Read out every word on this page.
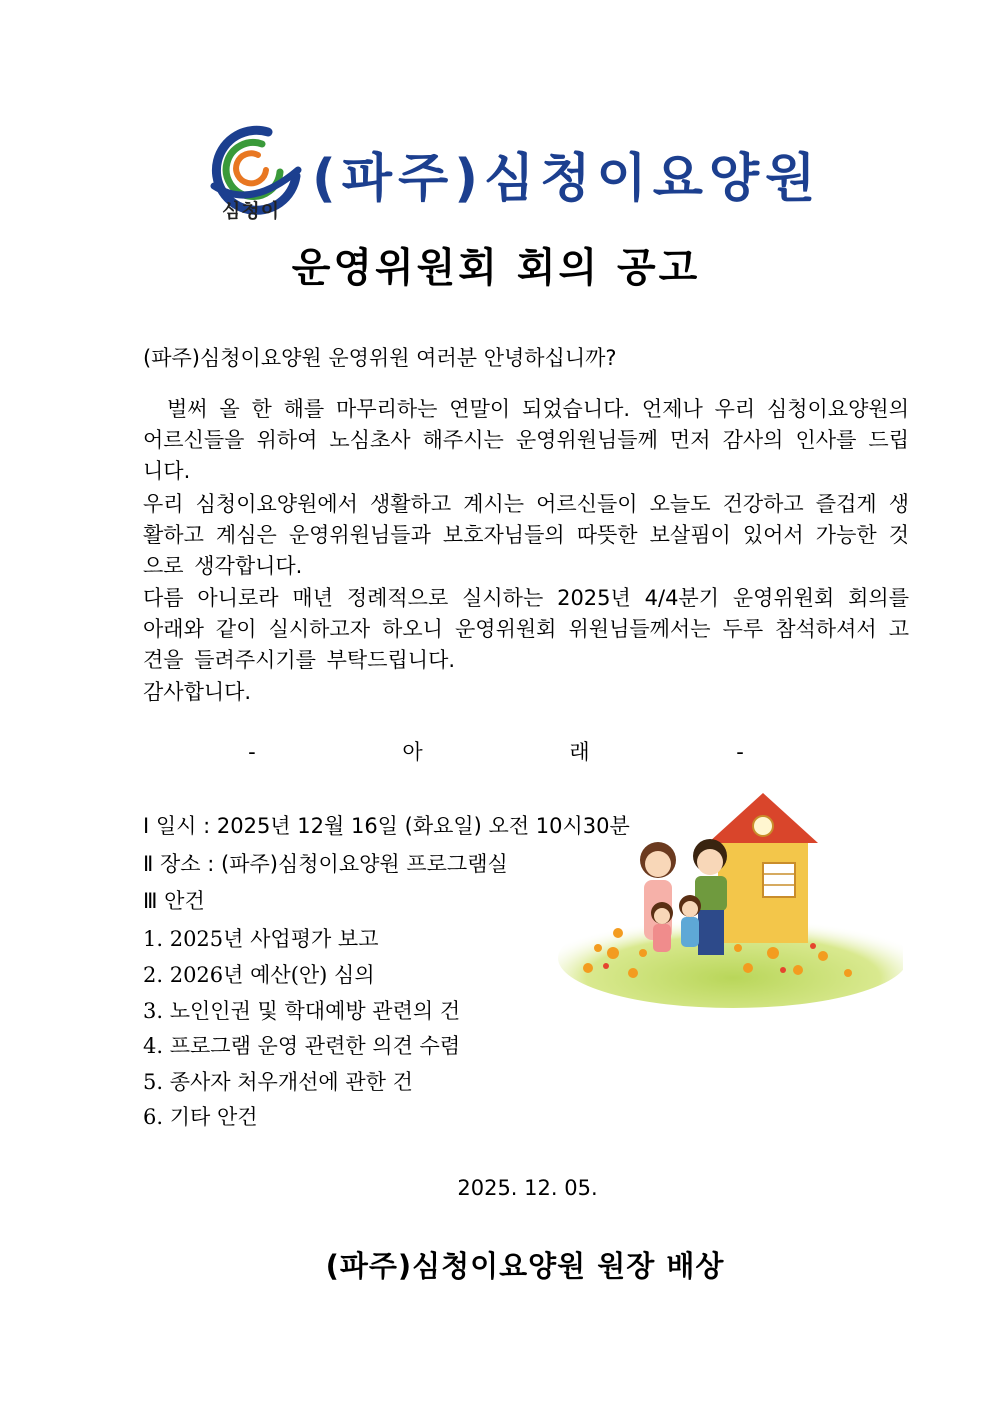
심청이
(파주)심청이요양원
운영위원회 회의 공고
(파주)심청이요양원 운영위원 여러분 안녕하십니까?
벌써 올 한 해를 마무리하는 연말이 되었습니다. 언제나 우리 심청이요양원의 어르신들을 위하여 노심초사 해주시는 운영위원님들께 먼저 감사의 인사를 드립니다.
우리 심청이요양원에서 생활하고 계시는 어르신들이 오늘도 건강하고 즐겁게 생활하고 계심은 운영위원님들과 보호자님들의 따뜻한 보살핌이 있어서 가능한 것으로 생각합니다.
다름 아니로라 매년 정례적으로 실시하는 2025년 4/4분기 운영위원회 회의를 아래와 같이 실시하고자 하오니 운영위원회 위원님들께서는 두루 참석하셔서 고견을 들려주시기를 부탁드립니다.
감사합니다.
- 아 래 -
Ⅰ 일시 : 2025년 12월 16일 (화요일) 오전 10시30분
Ⅱ 장소 : (파주)심청이요양원 프로그램실
Ⅲ 안건
1. 2025년 사업평가 보고
2. 2026년 예산(안) 심의
3. 노인인권 및 학대예방 관련의 건
4. 프로그램 운영 관련한 의견 수렴
5. 종사자 처우개선에 관한 건
6. 기타 안건
2025. 12. 05.
(파주)심청이요양원 원장 배상
